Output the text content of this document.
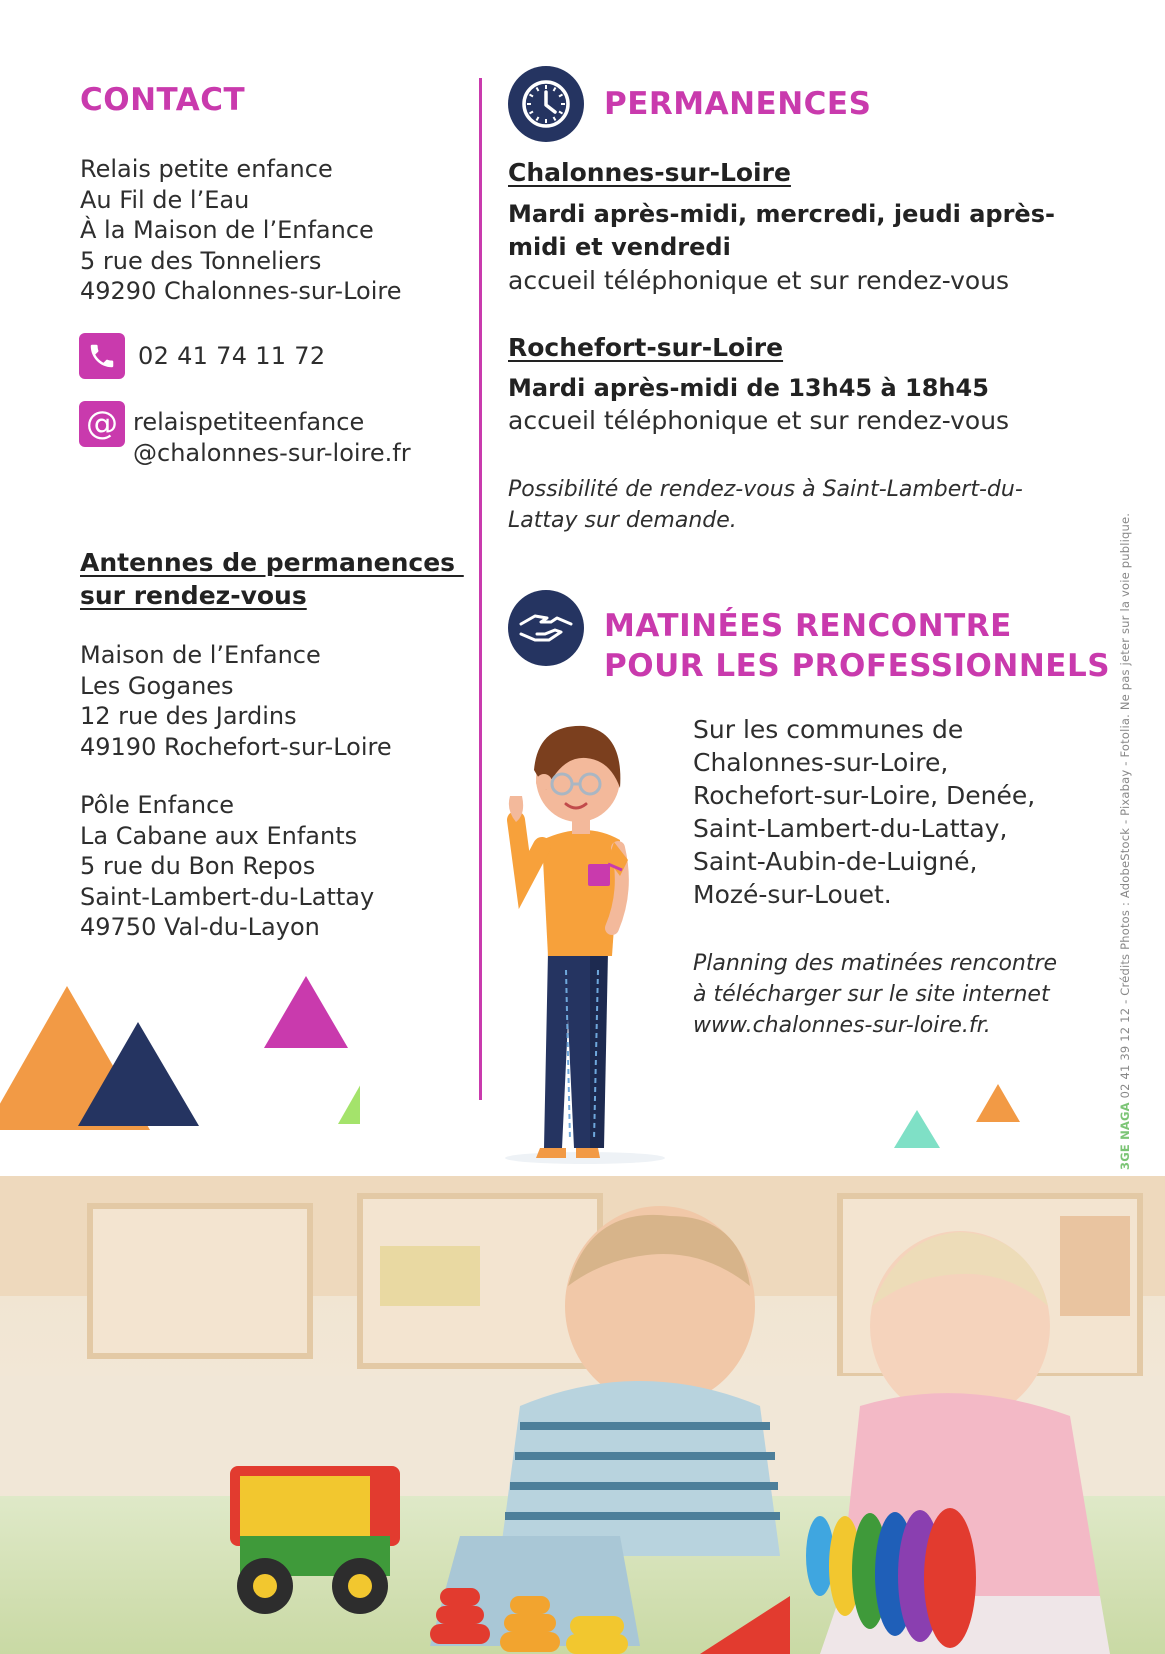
CONTACT
Relais petite enfance
Au Fil de l’Eau
À la Maison de l’Enfance
5 rue des Tonneliers
49290 Chalonnes-sur-Loire
02 41 74 11 72
@ relaispetiteenfance
@chalonnes-sur-loire.fr
Antennes de permanences
sur rendez-vous
Maison de l’Enfance
Les Goganes
12 rue des Jardins
49190 Rochefort-sur-Loire
Pôle Enfance
La Cabane aux Enfants
5 rue du Bon Repos
Saint-Lambert-du-Lattay
49750 Val-du-Layon
PERMANENCES
Chalonnes-sur-Loire
Mardi après-midi, mercredi, jeudi après-
midi et vendredi
accueil téléphonique et sur rendez-vous
Rochefort-sur-Loire
Mardi après-midi de 13h45 à 18h45
accueil téléphonique et sur rendez-vous
Possibilité de rendez-vous à Saint-Lambert-du-
Lattay sur demande.
MATINÉES RENCONTRE
POUR LES PROFESSIONNELS
Sur les communes de
Chalonnes-sur-Loire,
Rochefort-sur-Loire, Denée,
Saint-Lambert-du-Lattay,
Saint-Aubin-de-Luigné,
Mozé-sur-Louet.
Planning des matinées rencontre
à télécharger sur le site internet
www.chalonnes-sur-loire.fr.
3GE NAGA 02 41 39 12 12 - Crédits Photos : AdobeStock - Pixabay - Fotolia. Ne pas jeter sur la voie publique.
